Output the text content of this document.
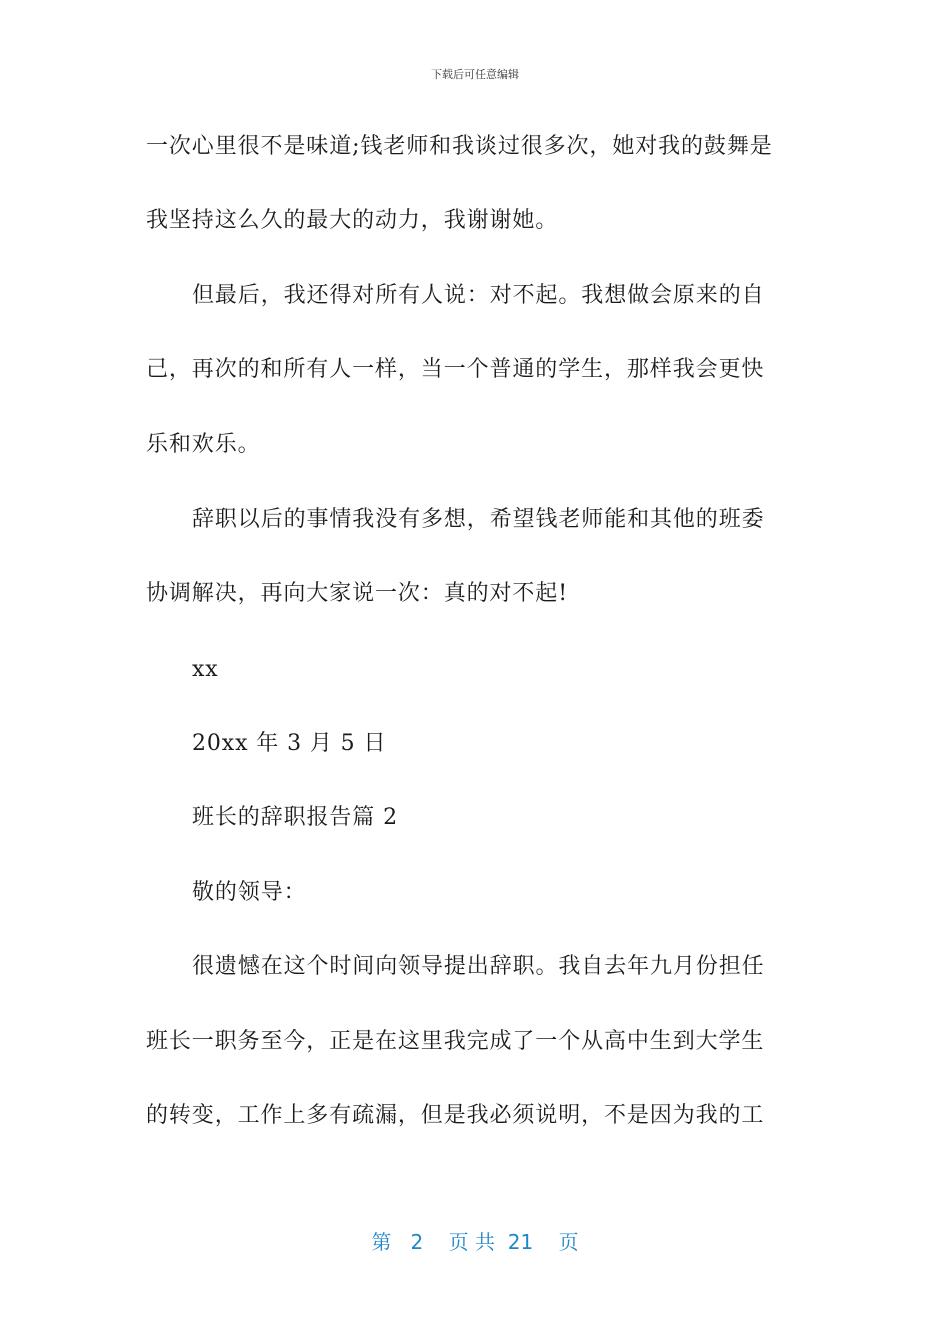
下载后可任意编辑
一次心里很不是味道;钱老师和我谈过很多次，她对我的鼓舞是
我坚持这么久的最大的动力，我谢谢她。
但最后，我还得对所有人说：对不起。我想做会原来的自
己，再次的和所有人一样，当一个普通的学生，那样我会更快
乐和欢乐。
辞职以后的事情我没有多想，希望钱老师能和其他的班委
协调解决，再向大家说一次：真的对不起!
xx
20xx 年 3 月 5 日
班长的辞职报告篇 2
敬的领导：
很遗憾在这个时间向领导提出辞职。我自去年九月份担任
班长一职务至今，正是在这里我完成了一个从高中生到大学生
的转变，工作上多有疏漏，但是我必须说明，不是因为我的工
第 2 页 共 21 页
